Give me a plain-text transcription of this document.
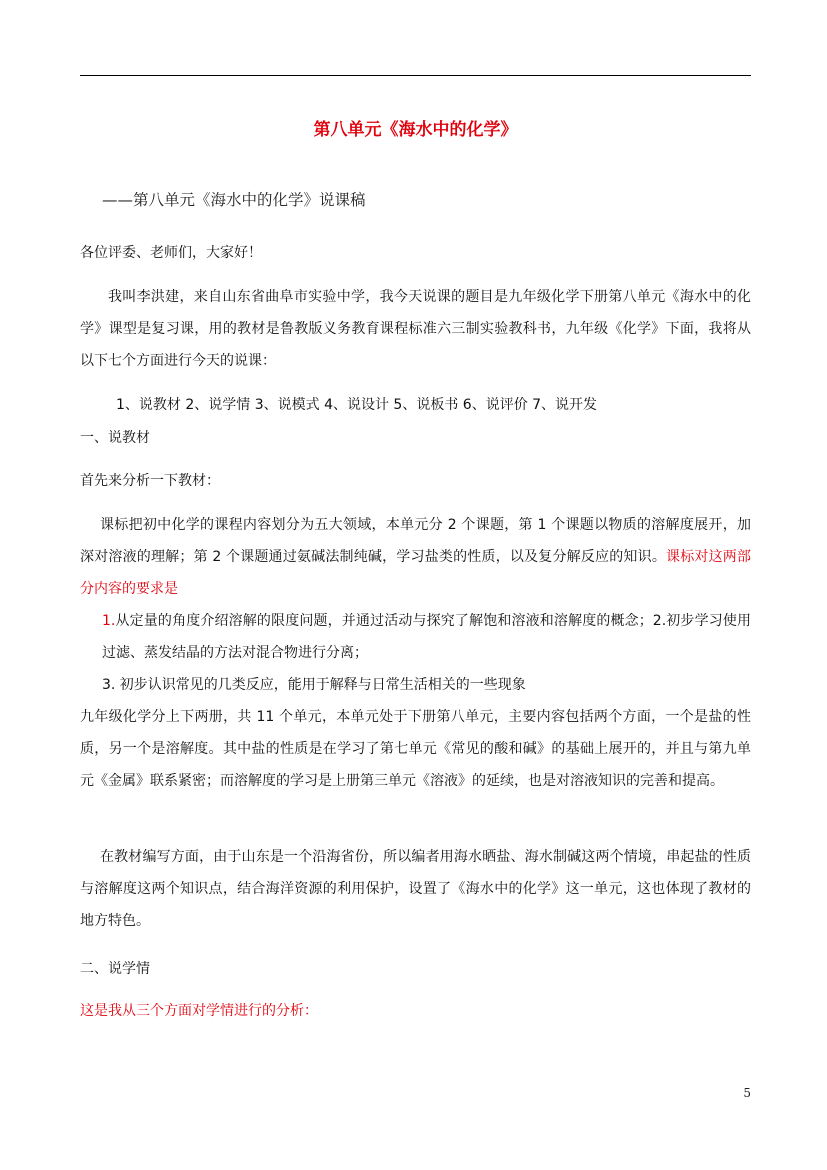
第八单元《海水中的化学》
——第八单元《海水中的化学》说课稿
各位评委、老师们，大家好！
我叫李洪建，来自山东省曲阜市实验中学，我今天说课的题目是九年级化学下册第八单元《海水中的化学》课型是复习课，用的教材是鲁教版义务教育课程标准六三制实验教科书，九年级《化学》下面，我将从以下七个方面进行今天的说课：
1、说教材 2、说学情 3、说模式 4、说设计 5、说板书 6、说评价 7、说开发
一、说教材
首先来分析一下教材：
课标把初中化学的课程内容划分为五大领域，本单元分 2 个课题，第 1 个课题以物质的溶解度展开，加深对溶液的理解；第 2 个课题通过氨碱法制纯碱，学习盐类的性质，以及复分解反应的知识。课标对这两部分内容的要求是
1.从定量的角度介绍溶解的限度问题，并通过活动与探究了解饱和溶液和溶解度的概念；2.初步学习使用过滤、蒸发结晶的方法对混合物进行分离；
3. 初步认识常见的几类反应，能用于解释与日常生活相关的一些现象
九年级化学分上下两册，共 11 个单元，本单元处于下册第八单元，主要内容包括两个方面，一个是盐的性质，另一个是溶解度。其中盐的性质是在学习了第七单元《常见的酸和碱》的基础上展开的，并且与第九单元《金属》联系紧密；而溶解度的学习是上册第三单元《溶液》的延续，也是对溶液知识的完善和提高。
在教材编写方面，由于山东是一个沿海省份，所以编者用海水晒盐、海水制碱这两个情境，串起盐的性质与溶解度这两个知识点，结合海洋资源的利用保护，设置了《海水中的化学》这一单元，这也体现了教材的地方特色。
二、说学情
这是我从三个方面对学情进行的分析：
5
